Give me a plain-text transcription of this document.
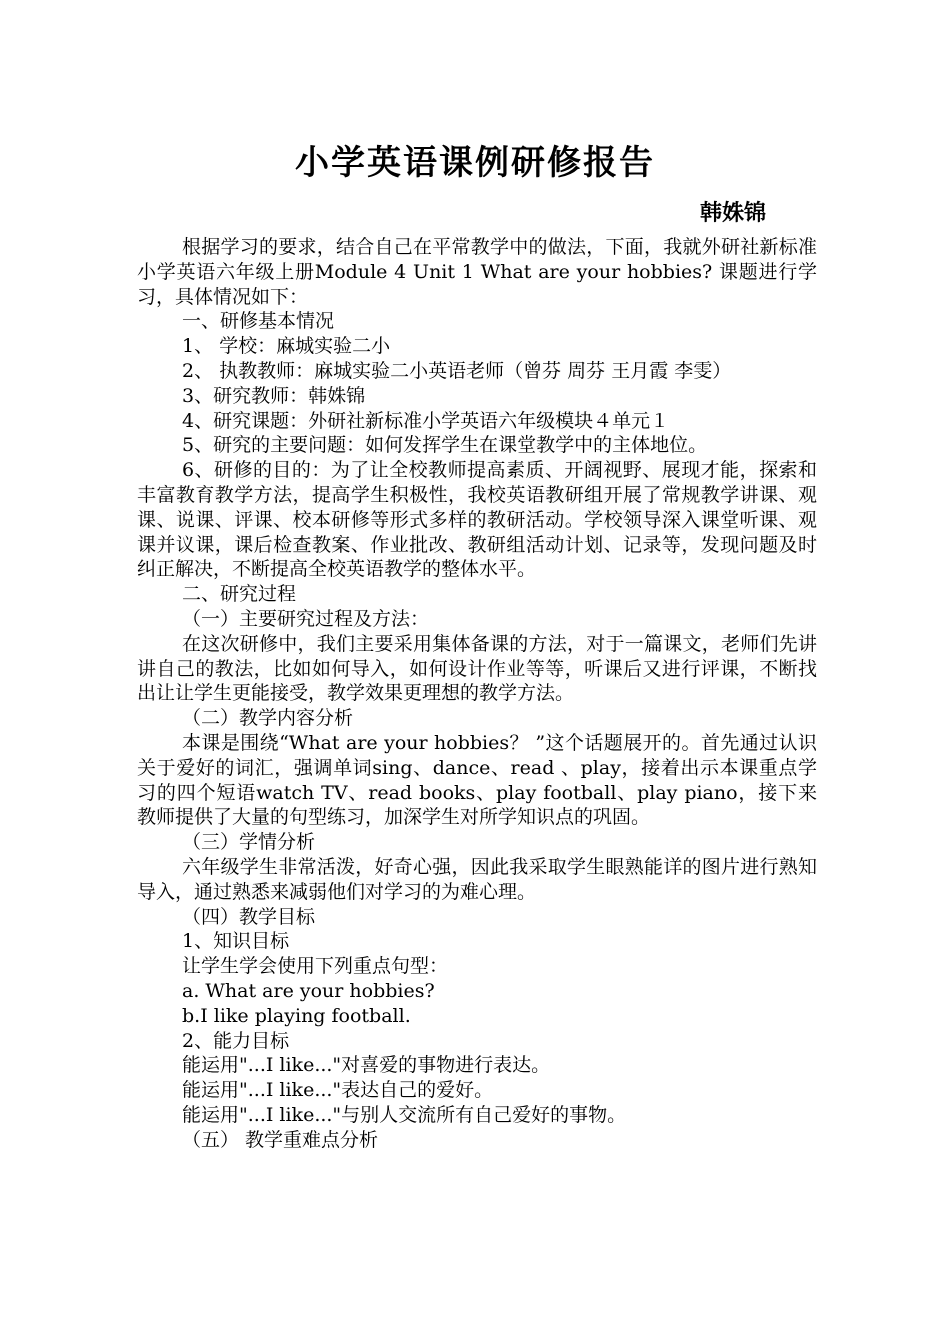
小学英语课例研修报告
韩姝锦

根据学习的要求，结合自己在平常教学中的做法，下面，我就外研社新标准小学英语六年级上册Module 4 Unit 1 What are your hobbies? 课题进行学习，具体情况如下：

一、研修基本情况

1、 学校：麻城实验二小

2、 执教教师：麻城实验二小英语老师（曾芬 周芬 王月霞 李雯）

3、研究教师：韩姝锦

4、研究课题：外研社新标准小学英语六年级模块４单元１

5、研究的主要问题：如何发挥学生在课堂教学中的主体地位。

6、研修的目的：为了让全校教师提高素质、开阔视野、展现才能，探索和丰富教育教学方法，提高学生积极性，我校英语教研组开展了常规教学讲课、观课、说课、评课、校本研修等形式多样的教研活动。学校领导深入课堂听课、观课并议课，课后检查教案、作业批改、教研组活动计划、记录等，发现问题及时纠正解决，不断提高全校英语教学的整体水平。

二、研究过程

（一）主要研究过程及方法：

在这次研修中，我们主要采用集体备课的方法，对于一篇课文，老师们先讲讲自己的教法，比如如何导入，如何设计作业等等，听课后又进行评课，不断找出让让学生更能接受，教学效果更理想的教学方法。

（二）教学内容分析

本课是围绕“What are your hobbies？ ”这个话题展开的。首先通过认识关于爱好的词汇，强调单词sing、dance、read 、play，接着出示本课重点学习的四个短语watch TV、read books、play football、play piano，接下来教师提供了大量的句型练习，加深学生对所学知识点的巩固。

（三）学情分析

六年级学生非常活泼，好奇心强，因此我采取学生眼熟能详的图片进行熟知导入，通过熟悉来减弱他们对学习的为难心理。

（四）教学目标

1、知识目标

让学生学会使用下列重点句型：

a. What are your hobbies?

b.I like playing football.

2、能力目标

能运用"...I like..."对喜爱的事物进行表达。

能运用"...I like..."表达自己的爱好。

能运用"...I like..."与别人交流所有自己爱好的事物。

（五） 教学重难点分析
